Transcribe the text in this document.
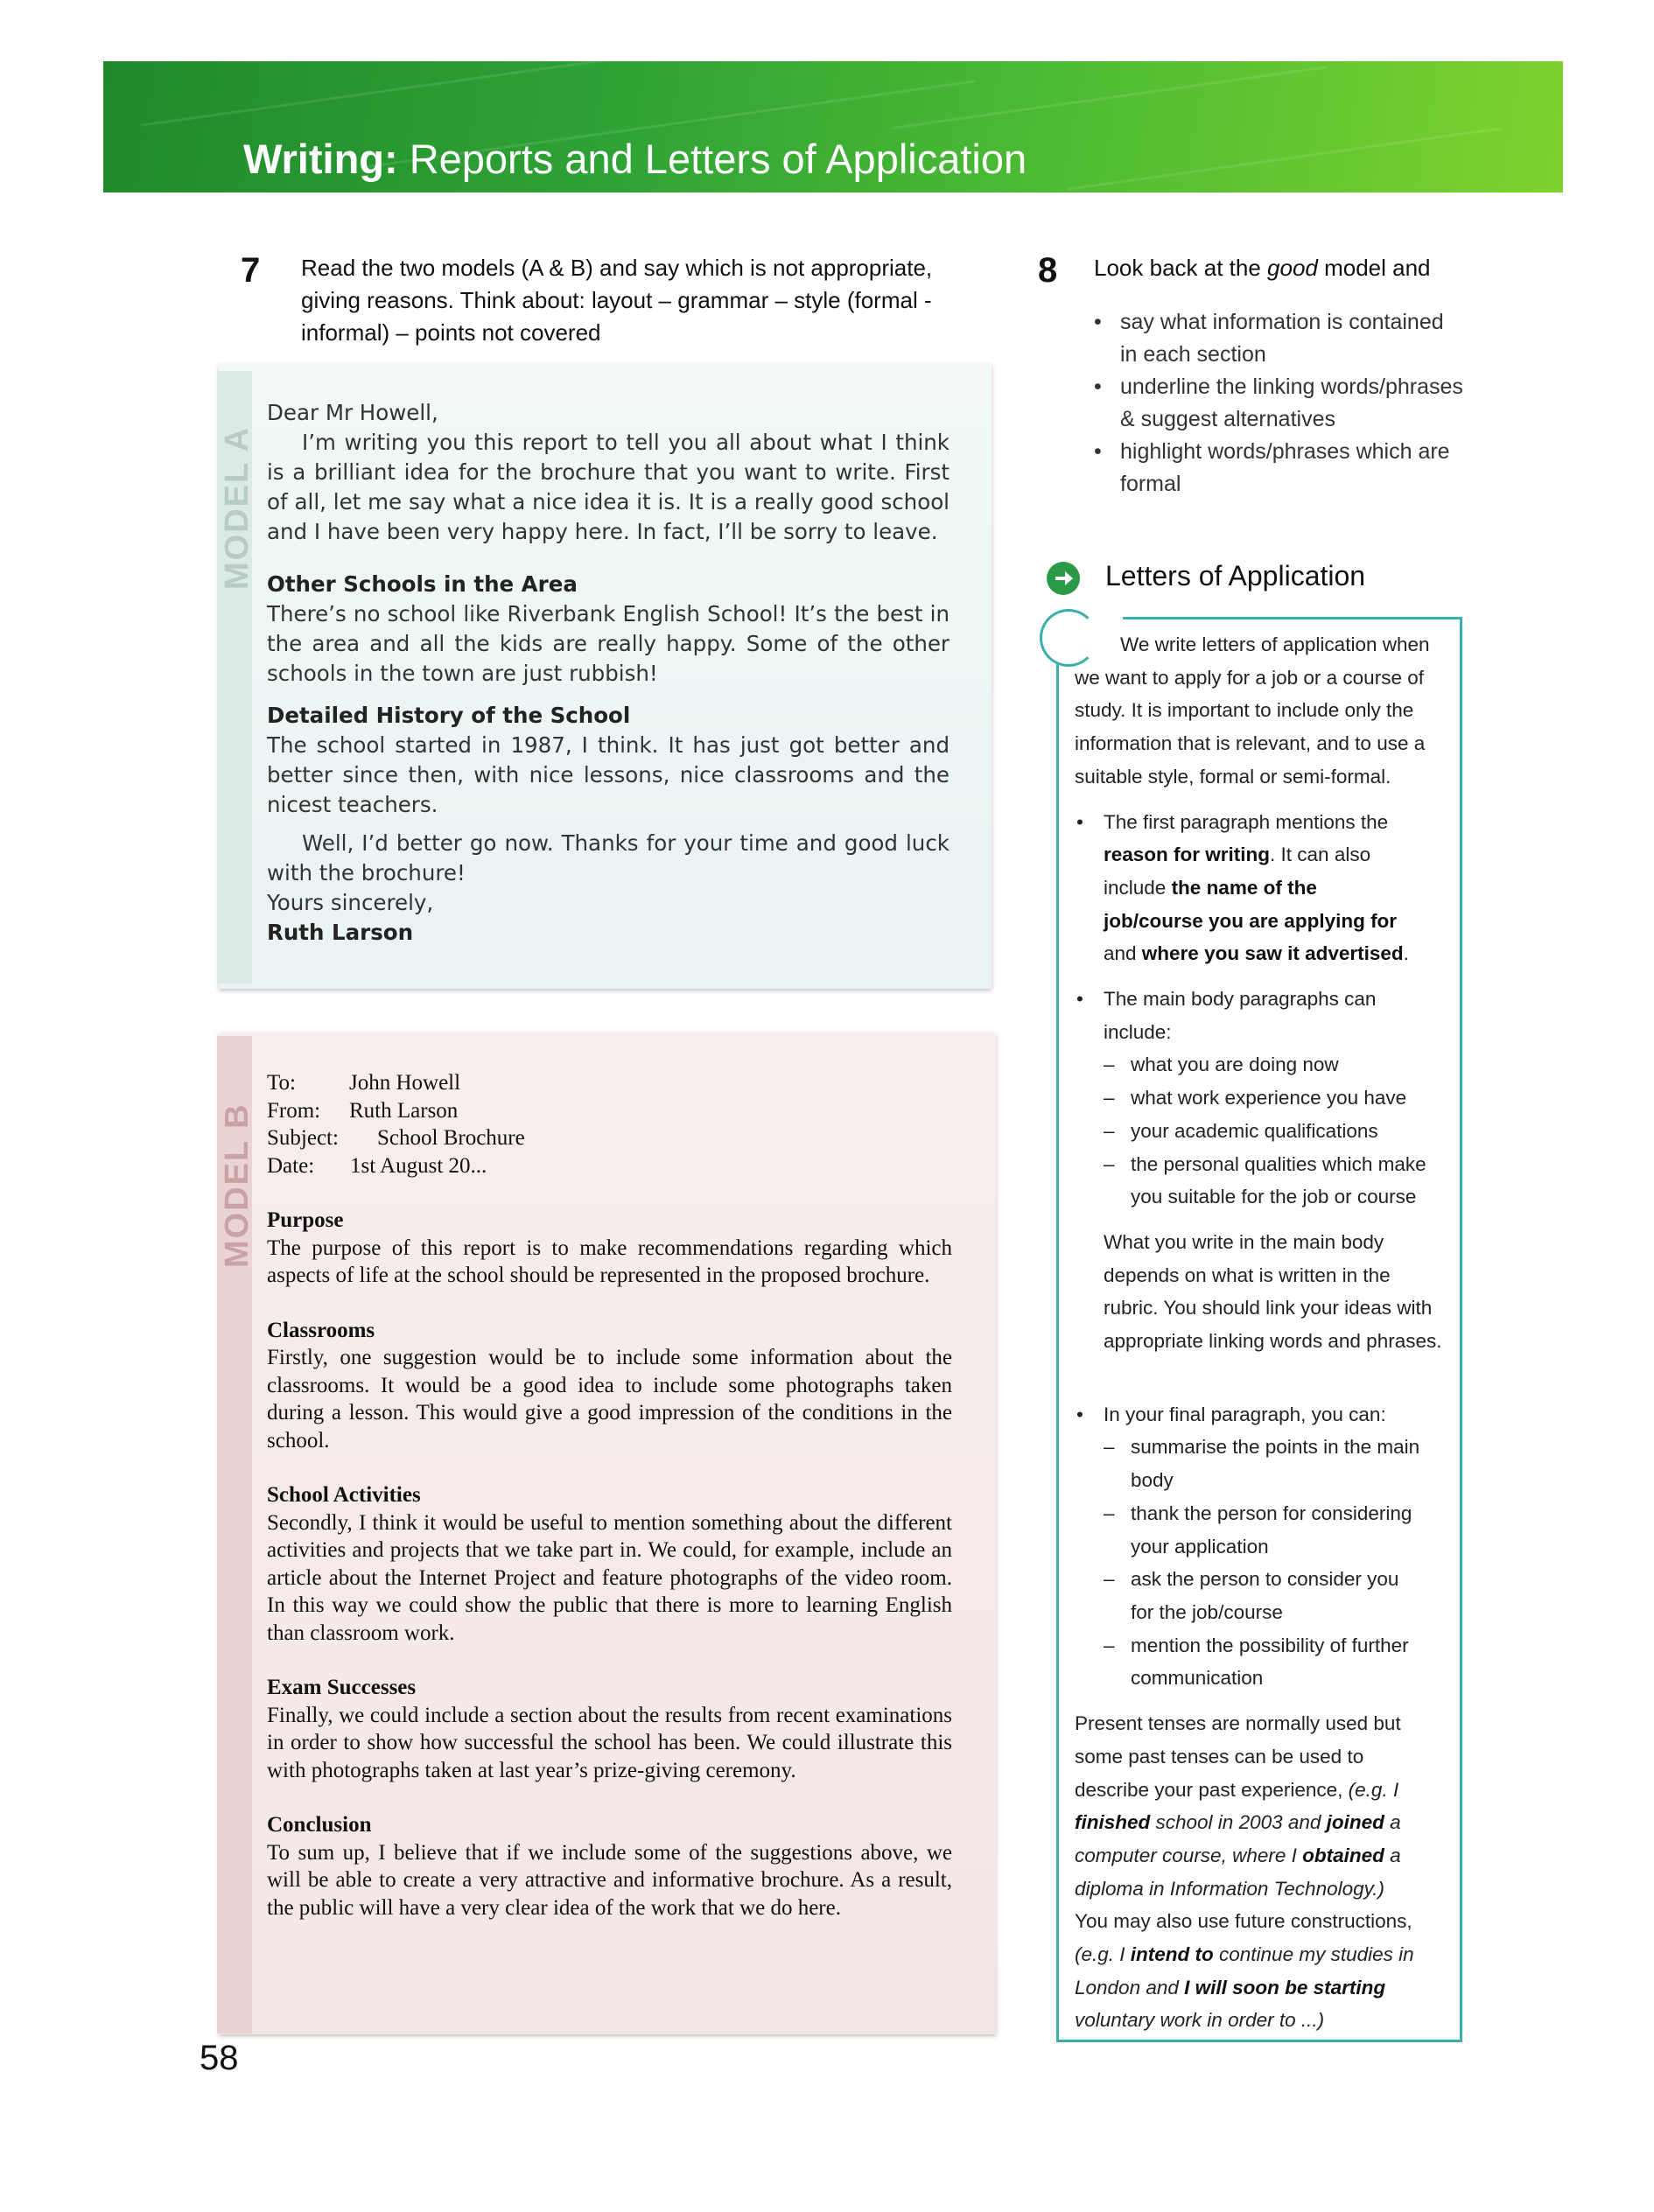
Writing: Reports and Letters of Application
7 Read the two models (A & B) and say which is not appropriate,
giving reasons. Think about: layout – grammar – style (formal -
informal) – points not covered
MODEL A

Dear Mr Howell,

I’m writing you this report to tell you all about what I think is a brilliant idea for the brochure that you want to write. First of all, let me say what a nice idea it is. It is a really good school and I have been very happy here. In fact, I’ll be sorry to leave.

Other Schools in the Area

There’s no school like Riverbank English School! It’s the best in the area and all the kids are really happy. Some of the other schools in the town are just rubbish!

Detailed History of the School

The school started in 1987, I think. It has just got better and better since then, with nice lessons, nice classrooms and the nicest teachers.

Well, I’d better go now. Thanks for your time and good luck with the brochure!

Yours sincerely,

Ruth Larson

MODEL B

To: John Howell

From: Ruth Larson

Subject: School Brochure

Date: 1st August 20...

Purpose

The purpose of this report is to make recommendations regarding which aspects of life at the school should be represented in the proposed brochure.

Classrooms

Firstly, one suggestion would be to include some information about the classrooms. It would be a good idea to include some photographs taken during a lesson. This would give a good impression of the conditions in the school.

School Activities

Secondly, I think it would be useful to mention something about the different activities and projects that we take part in. We could, for example, include an article about the Internet Project and feature photographs of the video room. In this way we could show the public that there is more to learning English than classroom work.

Exam Successes

Finally, we could include a section about the results from recent examinations in order to show how successful the school has been. We could illustrate this with photographs taken at last year’s prize-giving ceremony.

Conclusion

To sum up, I believe that if we include some of the suggestions above, we will be able to create a very attractive and informative brochure. As a result, the public will have a very clear idea of the work that we do here.

8 Look back at the good model and
• say what information is contained
in each section
• underline the linking words/phrases
& suggest alternatives
• highlight words/phrases which are
formal
Letters of Application

We write letters of application when

we want to apply for a job or a course of

study. It is important to include only the

information that is relevant, and to use a

suitable style, formal or semi-formal.

• The first paragraph mentions the

reason for writing. It can also

include the name of the

job/course you are applying for

and where you saw it advertised.

• The main body paragraphs can

include:

– what you are doing now

– what work experience you have

– your academic qualifications

– the personal qualities which make

you suitable for the job or course

What you write in the main body

depends on what is written in the

rubric. You should link your ideas with

appropriate linking words and phrases.

• In your final paragraph, you can:

– summarise the points in the main

body

– thank the person for considering

your application

– ask the person to consider you

for the job/course

– mention the possibility of further

communication

Present tenses are normally used but

some past tenses can be used to

describe your past experience, (e.g. I

finished school in 2003 and joined a

computer course, where I obtained a

diploma in Information Technology.)

You may also use future constructions,

(e.g. I intend to continue my studies in

London and I will soon be starting

voluntary work in order to ...)

58
